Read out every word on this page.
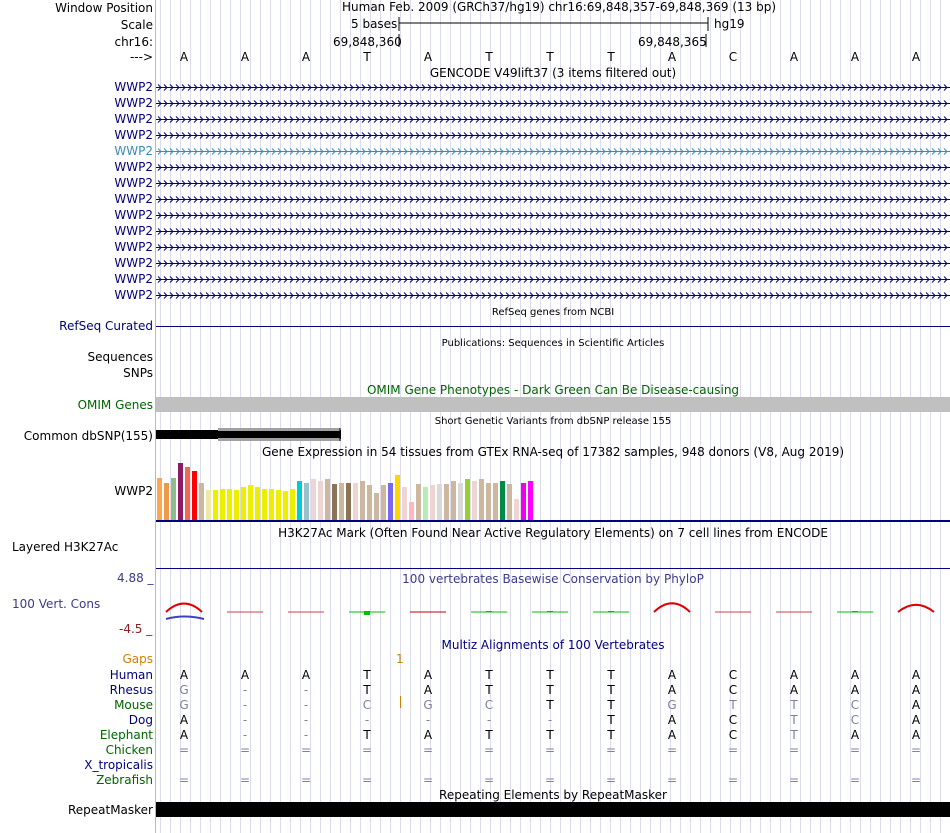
Window Position
Scale
chr16:
--->
Human Feb. 2009 (GRCh37/hg19) chr16:69,848,357-69,848,369 (13 bp)
5 bases	hg19
69,848,360	69,848,365
A	A	A	T	A	T	T	T	A	C	A	A	A
GENCODE V49lift37 (3 items filtered out)
WWP2
WWP2
WWP2
WWP2
WWP2
WWP2
WWP2
WWP2
WWP2
WWP2
WWP2
WWP2
WWP2
WWP2
RefSeq genes from NCBI
RefSeq Curated
Publications: Sequences in Scientific Articles
Sequences
SNPs
OMIM Gene Phenotypes - Dark Green Can Be Disease-causing
OMIM Genes
Short Genetic Variants from dbSNP release 155
Common dbSNP(155)
Gene Expression in 54 tissues from GTEx RNA-seq of 17382 samples, 948 donors (V8, Aug 2019)
WWP2
H3K27Ac Mark (Often Found Near Active Regulatory Elements) on 7 cell lines from ENCODE
Layered H3K27Ac
100 vertebrates Basewise Conservation by PhyloP
4.88 _
100 Vert. Cons
-4.5 _
Multiz Alignments of 100 Vertebrates
Gaps	1
Human A	A	A	T	A	T	T	T	A	C	A	A	A
Rhesus G	-	-	T	A	T	T	T	A	C	A	A	A
Mouse G	-	-	C	G	C	T	T	G	T	T	C	A
Dog A	-	-	-	-	-	-	T	A	C	T	C	A
Elephant A	-	-	T	A	T	T	T	A	C	T	A	A
Chicken =	=	=	=	=	=	=	=	=	=	=	=	=
X_tropicalis
Zebrafish =	=	=	=	=	=	=	=	=	=	=	=	=
Repeating Elements by RepeatMasker
RepeatMasker
